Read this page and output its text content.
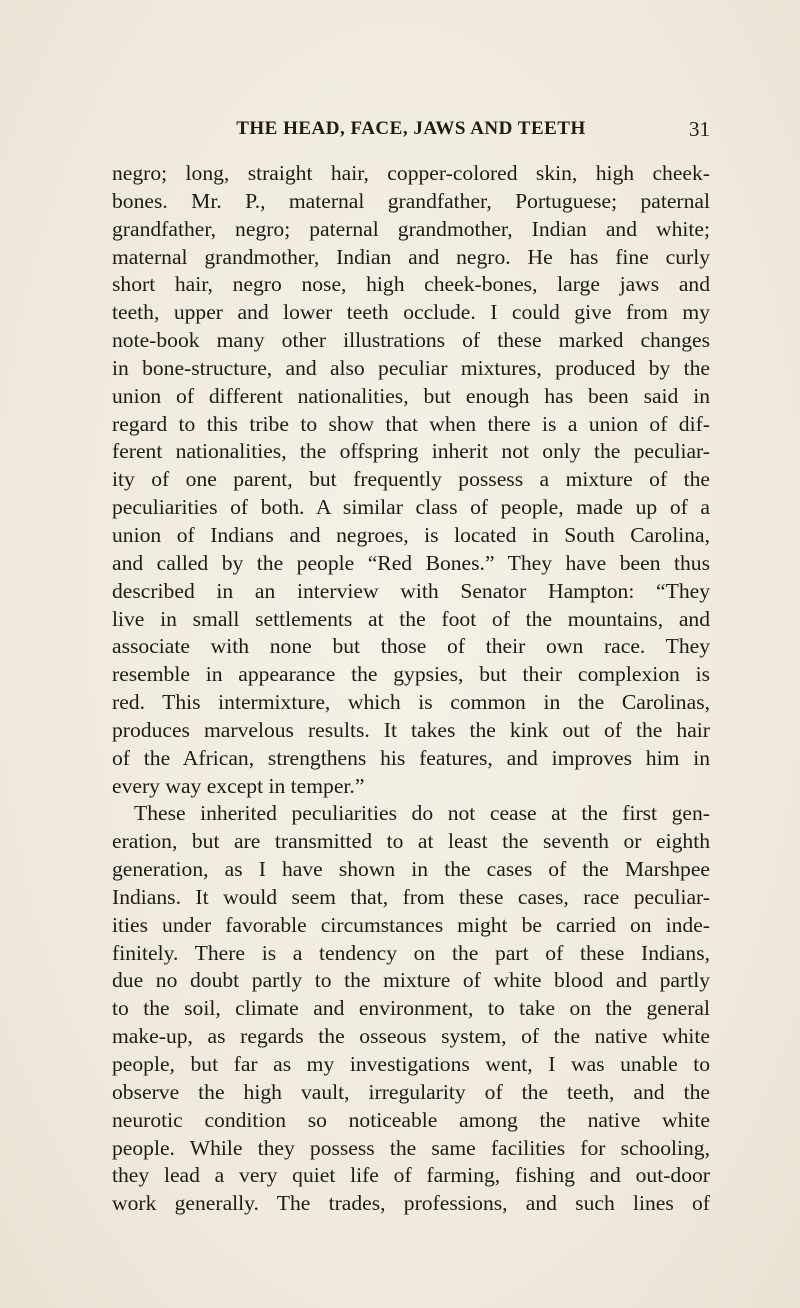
THE HEAD, FACE, JAWS AND TEETH	31
negro; long, straight hair, copper-colored skin, high cheek-
bones. Mr. P., maternal grandfather, Portuguese; paternal
grandfather, negro; paternal grandmother, Indian and white;
maternal grandmother, Indian and negro. He has fine curly
short hair, negro nose, high cheek-bones, large jaws and
teeth, upper and lower teeth occlude. I could give from my
note-book many other illustrations of these marked changes
in bone-structure, and also peculiar mixtures, produced by the
union of different nationalities, but enough has been said in
regard to this tribe to show that when there is a union of dif-
ferent nationalities, the offspring inherit not only the peculiar-
ity of one parent, but frequently possess a mixture of the
peculiarities of both. A similar class of people, made up of a
union of Indians and negroes, is located in South Carolina,
and called by the people “Red Bones.” They have been thus
described in an interview with Senator Hampton: “They
live in small settlements at the foot of the mountains, and
associate with none but those of their own race. They
resemble in appearance the gypsies, but their complexion is
red. This intermixture, which is common in the Carolinas,
produces marvelous results. It takes the kink out of the hair
of the African, strengthens his features, and improves him in
every way except in temper.”
These inherited peculiarities do not cease at the first gen-
eration, but are transmitted to at least the seventh or eighth
generation, as I have shown in the cases of the Marshpee
Indians. It would seem that, from these cases, race peculiar-
ities under favorable circumstances might be carried on inde-
finitely. There is a tendency on the part of these Indians,
due no doubt partly to the mixture of white blood and partly
to the soil, climate and environment, to take on the general
make-up, as regards the osseous system, of the native white
people, but far as my investigations went, I was unable to
observe the high vault, irregularity of the teeth, and the
neurotic condition so noticeable among the native white
people. While they possess the same facilities for schooling,
they lead a very quiet life of farming, fishing and out-door
work generally. The trades, professions, and such lines of
